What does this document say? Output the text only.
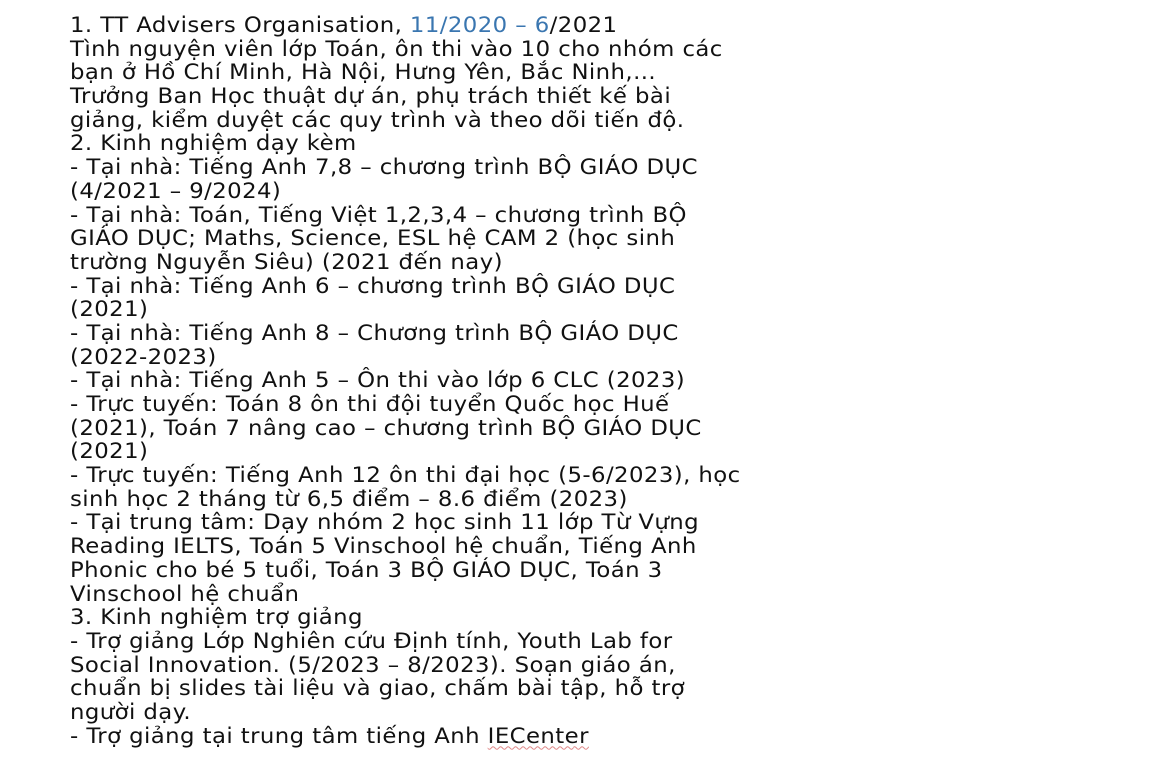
1. TT Advisers Organisation, 11/2020 – 6/2021
Tình nguyện viên lớp Toán, ôn thi vào 10 cho nhóm các
bạn ở Hồ Chí Minh, Hà Nội, Hưng Yên, Bắc Ninh,...
Trưởng Ban Học thuật dự án, phụ trách thiết kế bài
giảng, kiểm duyệt các quy trình và theo dõi tiến độ.
2. Kinh nghiệm dạy kèm
- Tại nhà: Tiếng Anh 7,8 – chương trình BỘ GIÁO DỤC
(4/2021 – 9/2024)
- Tại nhà: Toán, Tiếng Việt 1,2,3,4 – chương trình BỘ
GIÁO DỤC; Maths, Science, ESL hệ CAM 2 (học sinh
trường Nguyễn Siêu) (2021 đến nay)
- Tại nhà: Tiếng Anh 6 – chương trình BỘ GIÁO DỤC
(2021)
- Tại nhà: Tiếng Anh 8 – Chương trình BỘ GIÁO DỤC
(2022-2023)
- Tại nhà: Tiếng Anh 5 – Ôn thi vào lớp 6 CLC (2023)
- Trực tuyến: Toán 8 ôn thi đội tuyển Quốc học Huế
(2021), Toán 7 nâng cao – chương trình BỘ GIÁO DỤC
(2021)
- Trực tuyến: Tiếng Anh 12 ôn thi đại học (5-6/2023), học
sinh học 2 tháng từ 6,5 điểm – 8.6 điểm (2023)
- Tại trung tâm: Dạy nhóm 2 học sinh 11 lớp Từ Vựng
Reading IELTS, Toán 5 Vinschool hệ chuẩn, Tiếng Anh
Phonic cho bé 5 tuổi, Toán 3 BỘ GIÁO DỤC, Toán 3
Vinschool hệ chuẩn
3. Kinh nghiệm trợ giảng
- Trợ giảng Lớp Nghiên cứu Định tính, Youth Lab for
Social Innovation. (5/2023 – 8/2023). Soạn giáo án,
chuẩn bị slides tài liệu và giao, chấm bài tập, hỗ trợ
người dạy.
- Trợ giảng tại trung tâm tiếng Anh IECenter
